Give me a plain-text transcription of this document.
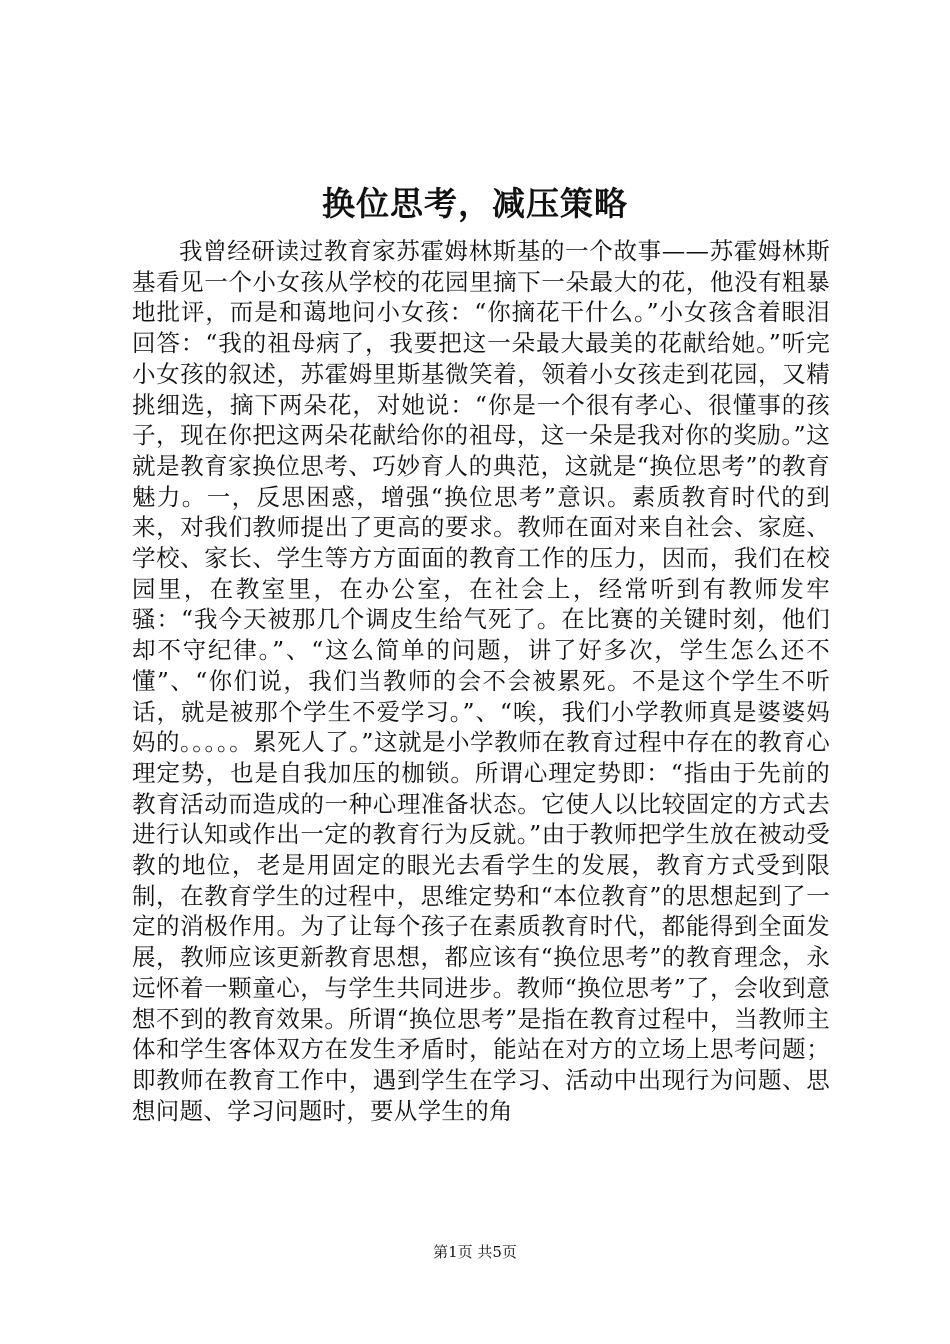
换位思考，减压策略
我曾经研读过教育家苏霍姆林斯基的一个故事——苏霍姆林斯基看见一个小女孩从学校的花园里摘下一朵最大的花，他没有粗暴地批评，而是和蔼地问小女孩：“你摘花干什么。”小女孩含着眼泪回答：“我的祖母病了，我要把这一朵最大最美的花献给她。”听完小女孩的叙述，苏霍姆里斯基微笑着，领着小女孩走到花园，又精挑细选，摘下两朵花，对她说：“你是一个很有孝心、很懂事的孩子，现在你把这两朵花献给你的祖母，这一朵是我对你的奖励。”这就是教育家换位思考、巧妙育人的典范，这就是“换位思考”的教育魅力。一，反思困惑，增强“换位思考”意识。素质教育时代的到来，对我们教师提出了更高的要求。教师在面对来自社会、家庭、学校、家长、学生等方方面面的教育工作的压力，因而，我们在校园里，在教室里，在办公室，在社会上，经常听到有教师发牢骚：“我今天被那几个调皮生给气死了。在比赛的关键时刻，他们却不守纪律。”、“这么简单的问题，讲了好多次，学生怎么还不懂”、“你们说，我们当教师的会不会被累死。不是这个学生不听话，就是被那个学生不爱学习。”、“唉，我们小学教师真是婆婆妈妈的。。。。。累死人了。”这就是小学教师在教育过程中存在的教育心理定势，也是自我加压的枷锁。所谓心理定势即：“指由于先前的教育活动而造成的一种心理准备状态。它使人以比较固定的方式去进行认知或作出一定的教育行为反就。”由于教师把学生放在被动受教的地位，老是用固定的眼光去看学生的发展，教育方式受到限制，在教育学生的过程中，思维定势和“本位教育”的思想起到了一定的消极作用。为了让每个孩子在素质教育时代，都能得到全面发展，教师应该更新教育思想，都应该有“换位思考”的教育理念，永远怀着一颗童心，与学生共同进步。教师“换位思考”了，会收到意想不到的教育效果。所谓“换位思考”是指在教育过程中，当教师主体和学生客体双方在发生矛盾时，能站在对方的立场上思考问题；即教师在教育工作中，遇到学生在学习、活动中出现行为问题、思想问题、学习问题时，要从学生的角
第1页 共5页
